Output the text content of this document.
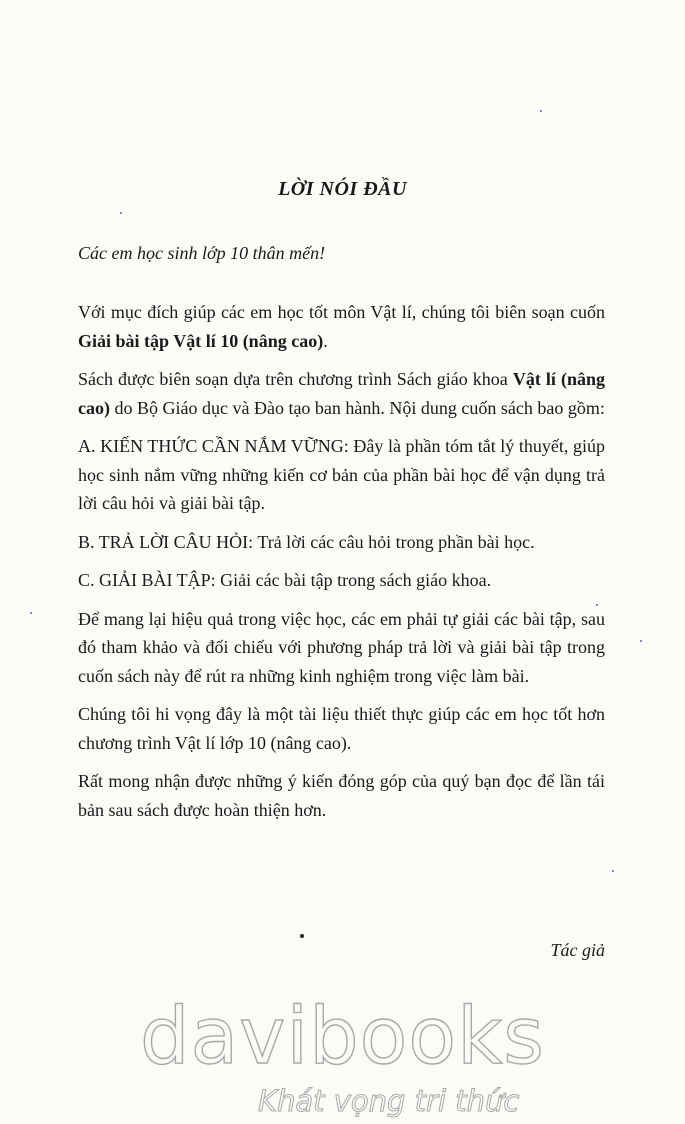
LỜI NÓI ĐẦU
Các em học sinh lớp 10 thân mến!

Với mục đích giúp các em học tốt môn Vật lí, chúng tôi biên soạn cuốn Giải bài tập Vật lí 10 (nâng cao).

Sách được biên soạn dựa trên chương trình Sách giáo khoa Vật lí (nâng cao) do Bộ Giáo dục và Đào tạo ban hành. Nội dung cuốn sách bao gồm:

A. KIẾN THỨC CẦN NẮM VỮNG: Đây là phần tóm tắt lý thuyết, giúp học sinh nắm vững những kiến cơ bản của phần bài học để vận dụng trả lời câu hỏi và giải bài tập.

B. TRẢ LỜI CÂU HỎI: Trả lời các câu hỏi trong phần bài học.

C. GIẢI BÀI TẬP: Giải các bài tập trong sách giáo khoa.

Để mang lại hiệu quả trong việc học, các em phải tự giải các bài tập, sau đó tham khảo và đối chiếu với phương pháp trả lời và giải bài tập trong cuốn sách này để rút ra những kinh nghiệm trong việc làm bài.

Chúng tôi hi vọng đây là một tài liệu thiết thực giúp các em học tốt hơn chương trình Vật lí lớp 10 (nâng cao).

Rất mong nhận được những ý kiến đóng góp của quý bạn đọc để lần tái bản sau sách được hoàn thiện hơn.

Tác giả
davibooks
Khát vọng tri thức
